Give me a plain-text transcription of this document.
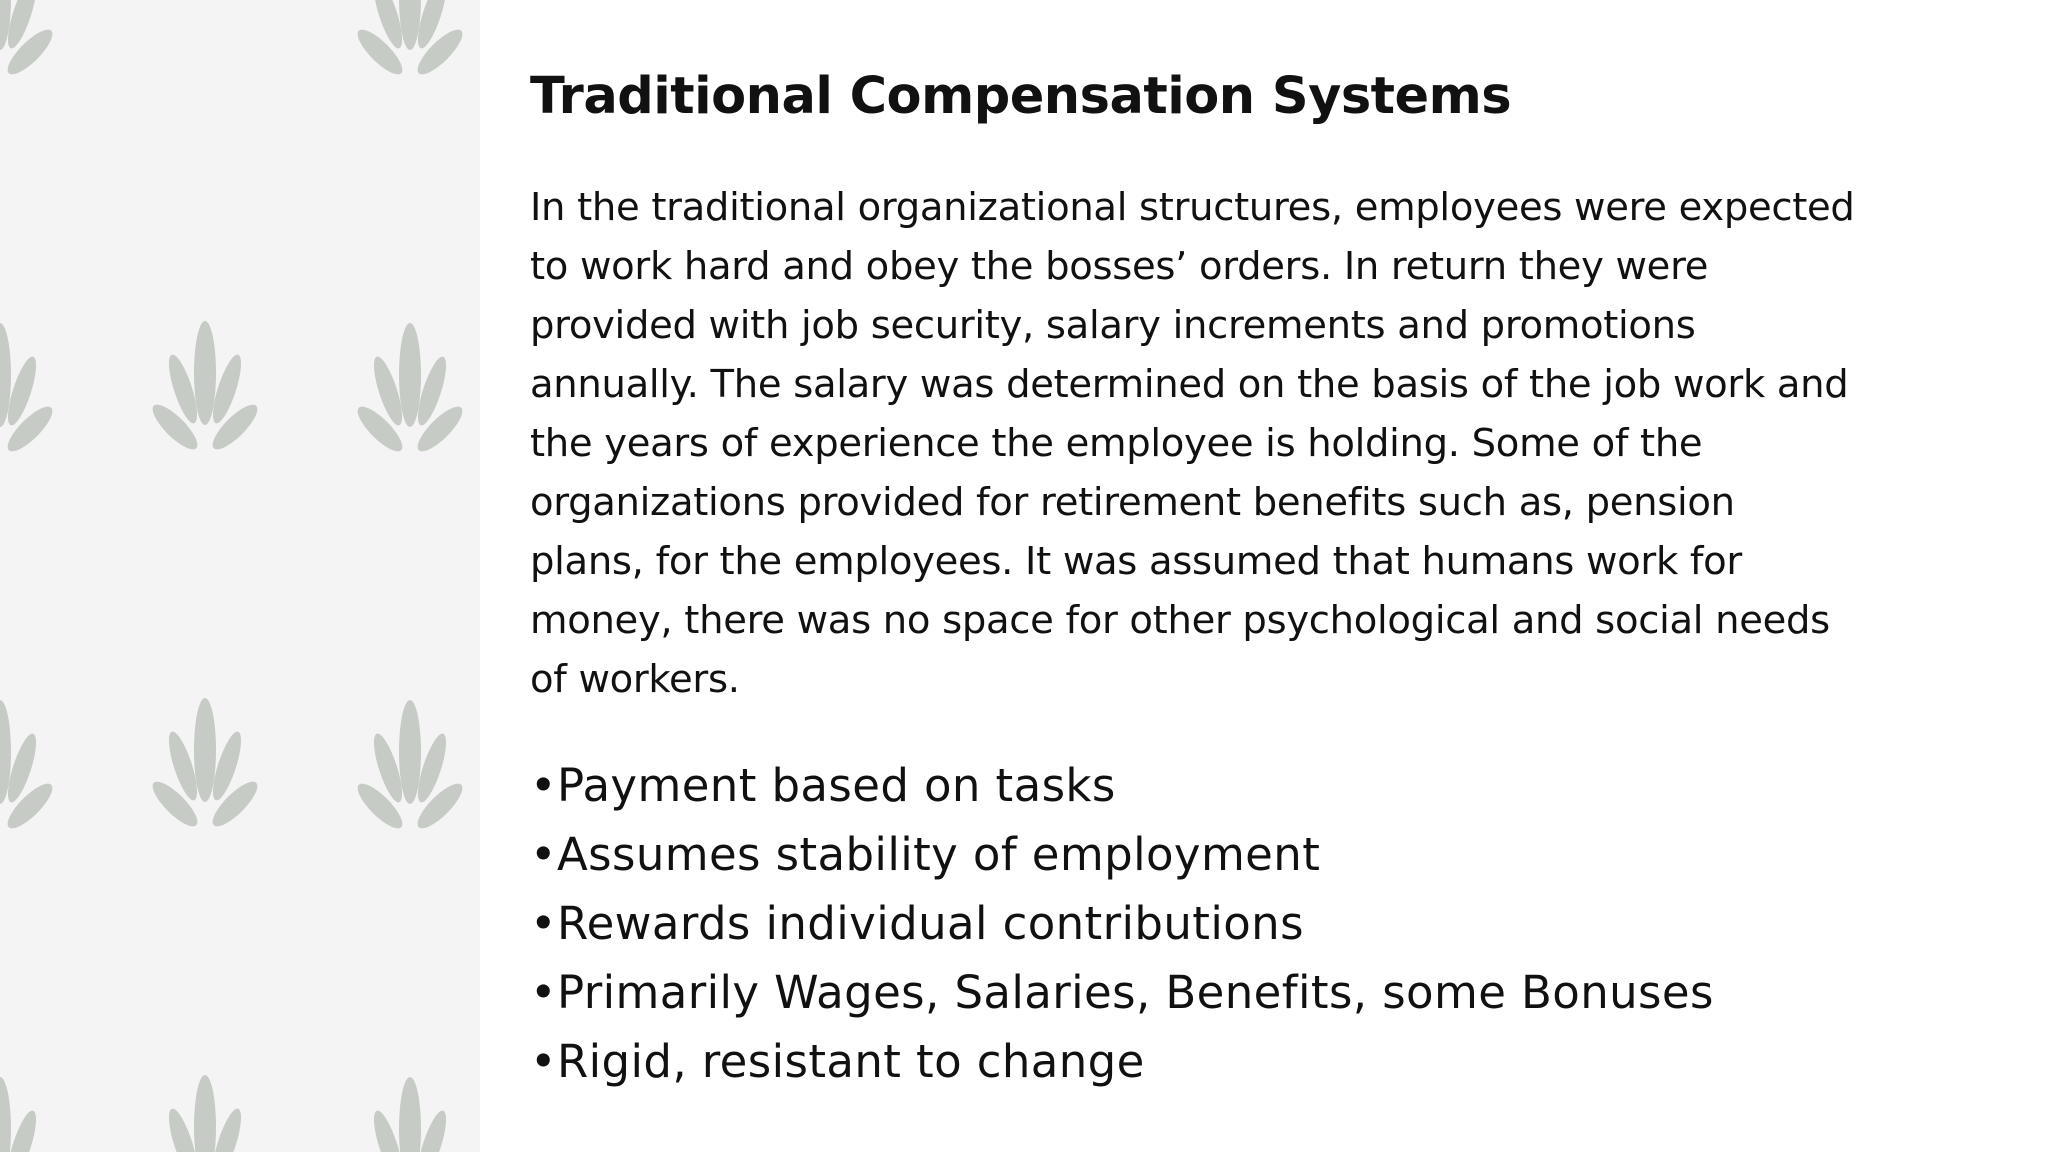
Traditional Compensation Systems

In the traditional organizational structures, employees were expected
to work hard and obey the bosses’ orders. In return they were
provided with job security, salary increments and promotions
annually. The salary was determined on the basis of the job work and
the years of experience the employee is holding. Some of the
organizations provided for retirement benefits such as, pension
plans, for the employees. It was assumed that humans work for
money, there was no space for other psychological and social needs
of workers.

•Payment based on tasks
•Assumes stability of employment
•Rewards individual contributions
•Primarily Wages, Salaries, Benefits, some Bonuses
•Rigid, resistant to change
